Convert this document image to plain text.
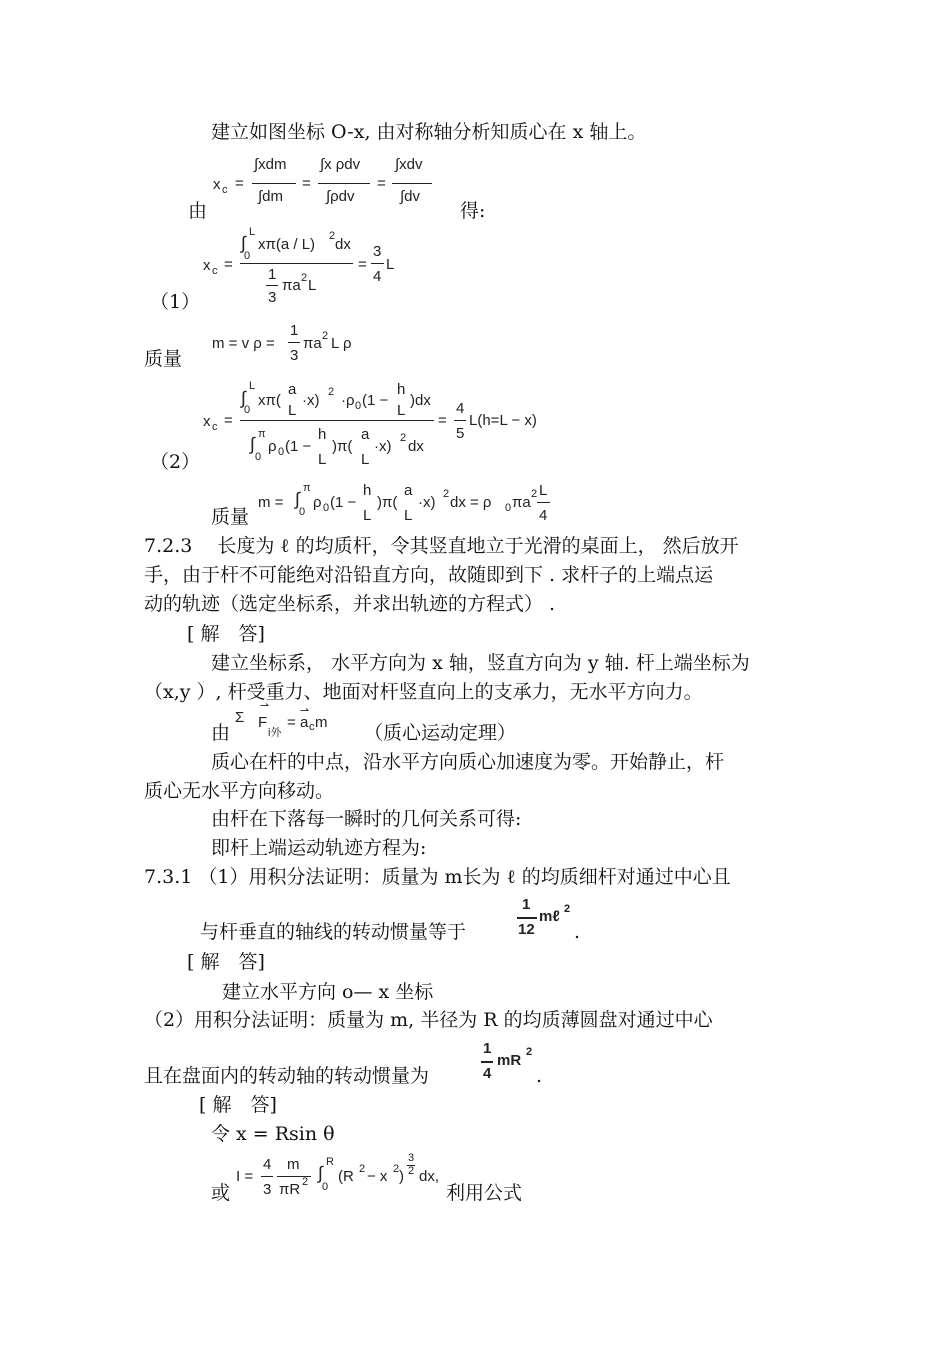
建立如图坐标 O-x, 由对称轴分析知质心在 x 轴上。
x c =
∫xdm
∫dm
=
∫x ρdv
∫ρdv
=
∫xdv
∫dv
由	得:
x c =
L
∫
0
xπ(a / L) 2 dx
1
3
πa 2 L
=
3
4
L
（1）
m = v ρ =
1
3
πa 2 L ρ
质量
x c =
L
∫
0
xπ(
a
L
·x) 2 ·ρ 0 (1 −
h
L
)dx
π
∫
0
ρ 0 (1 −
h
L
)π(
a
L
·x) 2 dx
=
4
5
L(h=L − x)
（2）
m =
π
∫
0
ρ 0 (1 −
h
L
)π(
a
L
·x) 2 dx = ρ 0 πa 2 L
4
质量
7.2.3　 长度为 ℓ 的均质杆，令其竖直地立于光滑的桌面上， 然后放开
手，由于杆不可能绝对沿铅直方向，故随即到下 . 求杆子的上端点运
动的轨迹（选定坐标系，并求出轨迹的方程式） .
[ 解　答]
建立坐标系， 水平方向为 x 轴，竖直方向为 y 轴. 杆上端坐标为
（x,y ）, 杆受重力、地面对杆竖直向上的支承力，无水平方向力。
由
Σ
⇀
F
i外
=
⇀
a c m （质心运动定理）
质心在杆的中点，沿水平方向质心加速度为零。开始静止，杆
质心无水平方向移动。
由杆在下落每一瞬时的几何关系可得:
即杆上端运动轨迹方程为:
7.3.1 （1）用积分法证明：质量为 m长为 ℓ 的均质细杆对通过中心且
与杆垂直的轴线的转动惯量等于
1
12
mℓ 2
.
[ 解　答]
建立水平方向 o— x 坐标
（2）用积分法证明：质量为 m, 半径为 R 的均质薄圆盘对通过中心
且在盘面内的转动轴的转动惯量为
1
4
mR 2
.
[ 解　答]
令 x = Rsin θ
或
I =
4
3
m
πR 2
R
∫
0
(R 2 − x 2 )
3
2 dx,
利用公式
